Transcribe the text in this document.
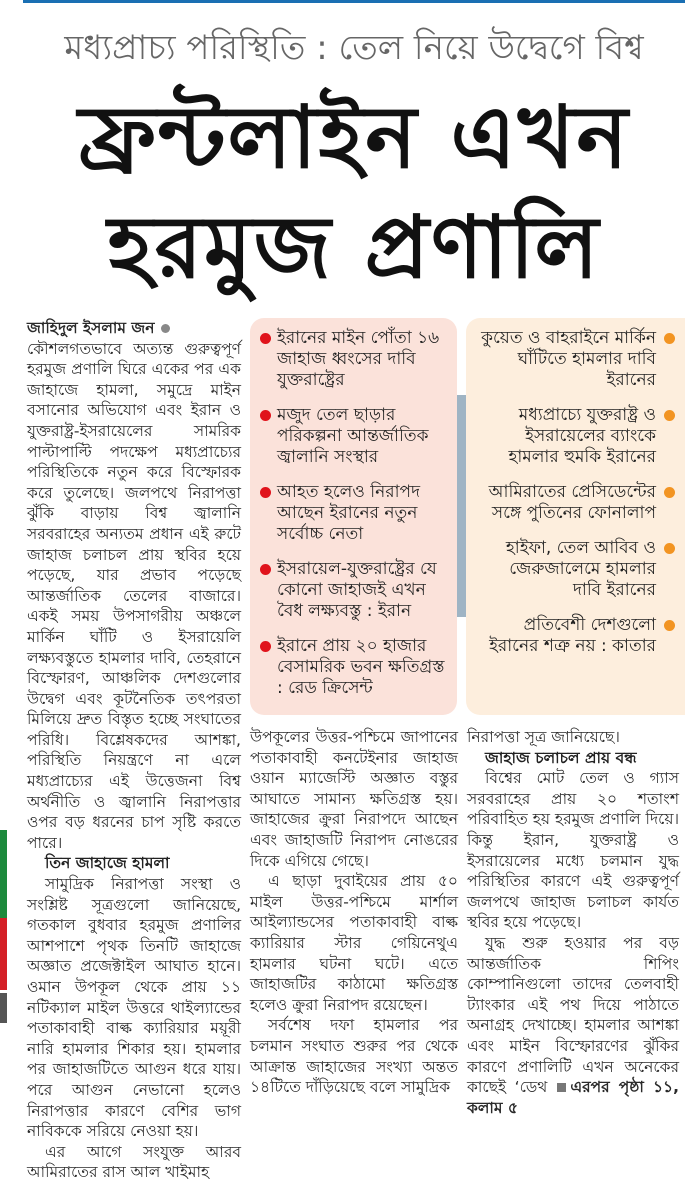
মধ্যপ্রাচ্য পরিস্থিতি : তেল নিয়ে উদ্বেগে বিশ্ব
ফ্রন্টলাইন এখন
হরমুজ প্রণালি
জাহিদুল ইসলাম জন

কৌশলগতভাবে অত্যন্ত গুরুত্বপূর্ণ হরমুজ প্রণালি ঘিরে একের পর এক জাহাজে হামলা, সমুদ্রে মাইন বসানোর অভিযোগ এবং ইরান ও যুক্তরাষ্ট্র-ইসরায়েলের সামরিক পাল্টাপাল্টি পদক্ষেপ মধ্যপ্রাচ্যের পরিস্থিতিকে নতুন করে বিস্ফোরক করে তুলেছে। জলপথে নিরাপত্তা ঝুঁকি বাড়ায় বিশ্ব জ্বালানি সরবরাহের অন্যতম প্রধান এই রুটে জাহাজ চলাচল প্রায় স্থবির হয়ে পড়েছে, যার প্রভাব পড়েছে আন্তর্জাতিক তেলের বাজারে। একই সময় উপসাগরীয় অঞ্চলে মার্কিন ঘাঁটি ও ইসরায়েলি লক্ষ্যবস্তুতে হামলার দাবি, তেহরানে বিস্ফোরণ, আঞ্চলিক দেশগুলোর উদ্বেগ এবং কূটনৈতিক তৎপরতা মিলিয়ে দ্রুত বিস্তৃত হচ্ছে সংঘাতের পরিধি। বিশ্লেষকদের আশঙ্কা, পরিস্থিতি নিয়ন্ত্রণে না এলে মধ্যপ্রাচ্যের এই উত্তেজনা বিশ্ব অর্থনীতি ও জ্বালানি নিরাপত্তার ওপর বড় ধরনের চাপ সৃষ্টি করতে পারে।

তিন জাহাজে হামলা

সামুদ্রিক নিরাপত্তা সংস্থা ও সংশ্লিষ্ট সূত্রগুলো জানিয়েছে, গতকাল বুধবার হরমুজ প্রণালির আশপাশে পৃথক তিনটি জাহাজে অজ্ঞাত প্রজেক্টাইল আঘাত হানে। ওমান উপকূল থেকে প্রায় ১১ নটিক্যাল মাইল উত্তরে থাইল্যান্ডের পতাকাবাহী বাল্ক ক্যারিয়ার ময়ূরী নারি হামলার শিকার হয়। হামলার পর জাহাজটিতে আগুন ধরে যায়। পরে আগুন নেভানো হলেও নিরাপত্তার কারণে বেশির ভাগ নাবিককে সরিয়ে নেওয়া হয়।

এর আগে সংযুক্ত আরব আমিরাতের রাস আল খাইমাহ

ইরানের মাইন পোঁতা ১৬ জাহাজ ধ্বংসের দাবি যুক্তরাষ্ট্রের
মজুদ তেল ছাড়ার পরিকল্পনা আন্তর্জাতিক জ্বালানি সংস্থার
আহত হলেও নিরাপদ আছেন ইরানের নতুন সর্বোচ্চ নেতা
ইসরায়েল-যুক্তরাষ্ট্রের যে কোনো জাহাজই এখন বৈধ লক্ষ্যবস্তু : ইরান
ইরানে প্রায় ২০ হাজার বেসামরিক ভবন ক্ষতিগ্রস্ত : রেড ক্রিসেন্ট
কুয়েত ও বাহরাইনে মার্কিন ঘাঁটিতে হামলার দাবি ইরানের
মধ্যপ্রাচ্যে যুক্তরাষ্ট্র ও ইসরায়েলের ব্যাংকে হামলার হুমকি ইরানের
আমিরাতের প্রেসিডেন্টের সঙ্গে পুতিনের ফোনালাপ
হাইফা, তেল আবিব ও জেরুজালেমে হামলার দাবি ইরানের
প্রতিবেশী দেশগুলো ইরানের শত্রু নয় : কাতার

উপকূলের উত্তর-পশ্চিমে জাপানের পতাকাবাহী কনটেইনার জাহাজ ওয়ান ম্যাজেস্টি অজ্ঞাত বস্তুর আঘাতে সামান্য ক্ষতিগ্রস্ত হয়। জাহাজের ক্রুরা নিরাপদে আছেন এবং জাহাজটি নিরাপদ নোঙরের দিকে এগিয়ে গেছে।

এ ছাড়া দুবাইয়ের প্রায় ৫০ মাইল উত্তর-পশ্চিমে মার্শাল আইল্যান্ডসের পতাকাবাহী বাল্ক ক্যারিয়ার স্টার গেয়িনেথুএ হামলার ঘটনা ঘটে। এতে জাহাজটির কাঠামো ক্ষতিগ্রস্ত হলেও ক্রুরা নিরাপদ রয়েছেন।

সর্বশেষ দফা হামলার পর চলমান সংঘাত শুরুর পর থেকে আক্রান্ত জাহাজের সংখ্যা অন্তত ১৪টিতে দাঁড়িয়েছে বলে সামুদ্রিক

নিরাপত্তা সূত্র জানিয়েছে।

জাহাজ চলাচল প্রায় বন্ধ

বিশ্বের মোট তেল ও গ্যাস সরবরাহের প্রায় ২০ শতাংশ পরিবাহিত হয় হরমুজ প্রণালি দিয়ে। কিন্তু ইরান, যুক্তরাষ্ট্র ও ইসরায়েলের মধ্যে চলমান যুদ্ধ পরিস্থিতির কারণে এই গুরুত্বপূর্ণ জলপথে জাহাজ চলাচল কার্যত স্থবির হয়ে পড়েছে।

যুদ্ধ শুরু হওয়ার পর বড় আন্তর্জাতিক শিপিং কোম্পানিগুলো তাদের তেলবাহী ট্যাংকার এই পথ দিয়ে পাঠাতে অনাগ্রহ দেখাচ্ছে। হামলার আশঙ্কা এবং মাইন বিস্ফোরণের ঝুঁকির কারণে প্রণালিটি এখন অনেকের কাছেই ‘ডেথ এরপর পৃষ্ঠা ১১, কলাম ৫
